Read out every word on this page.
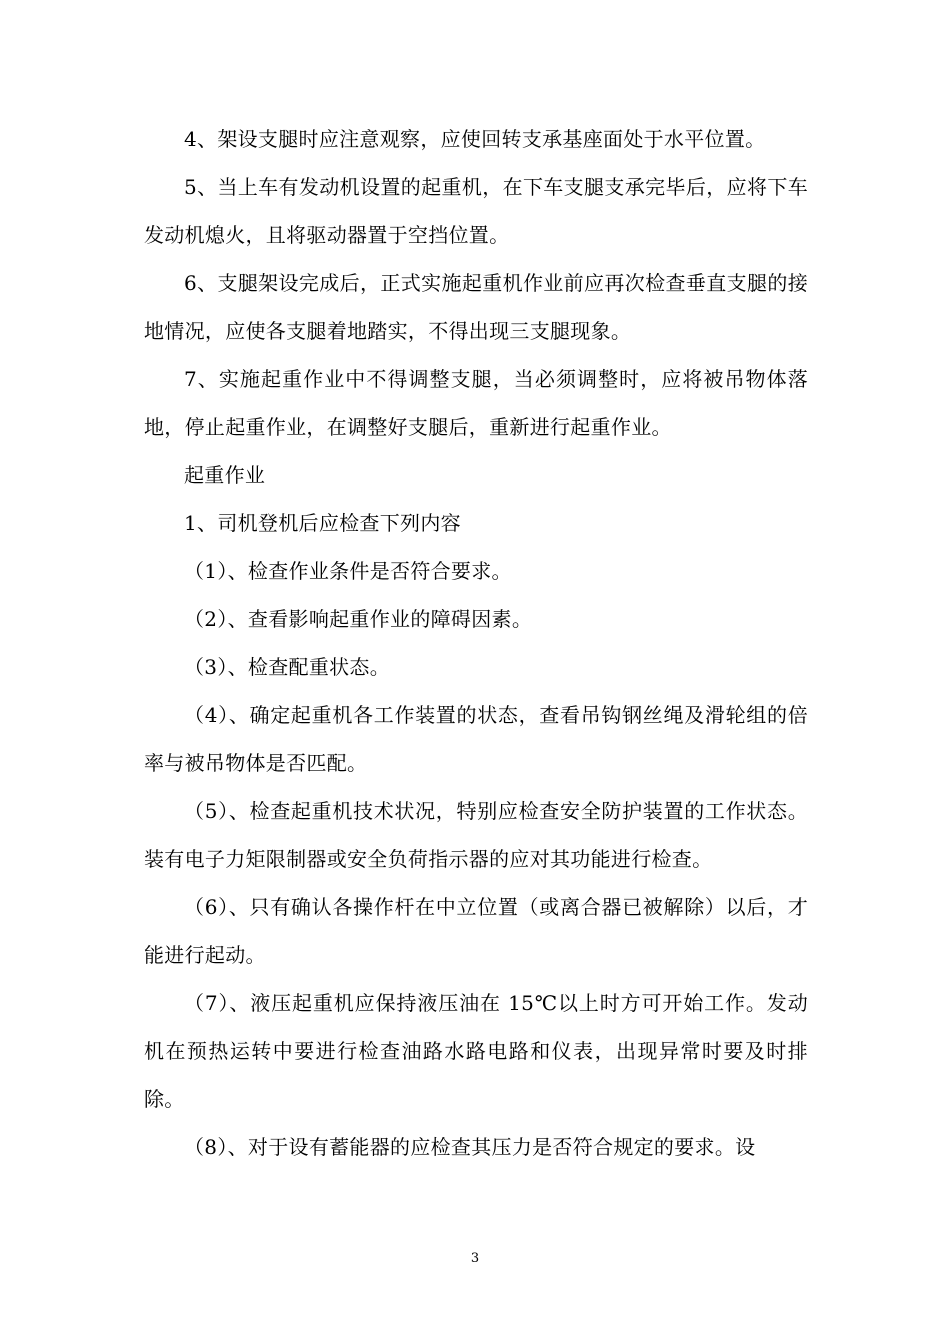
4、架设支腿时应注意观察，应使回转支承基座面处于水平位置。

5、当上车有发动机设置的起重机，在下车支腿支承完毕后，应将下车发动机熄火，且将驱动器置于空挡位置。

6、支腿架设完成后，正式实施起重机作业前应再次检查垂直支腿的接地情况，应使各支腿着地踏实，不得出现三支腿现象。

7、实施起重作业中不得调整支腿，当必须调整时，应将被吊物体落地，停止起重作业，在调整好支腿后，重新进行起重作业。

起重作业

1、司机登机后应检查下列内容

（1）、检查作业条件是否符合要求。

（2）、查看影响起重作业的障碍因素。

（3）、检查配重状态。

（4）、确定起重机各工作装置的状态，查看吊钩钢丝绳及滑轮组的倍率与被吊物体是否匹配。

（5）、检查起重机技术状况，特别应检查安全防护装置的工作状态。装有电子力矩限制器或安全负荷指示器的应对其功能进行检查。

（6）、只有确认各操作杆在中立位置（或离合器已被解除）以后，才能进行起动。

（7）、液压起重机应保持液压油在 15℃以上时方可开始工作。发动机在预热运转中要进行检查油路水路电路和仪表，出现异常时要及时排除。

（8）、对于设有蓄能器的应检查其压力是否符合规定的要求。设

3
